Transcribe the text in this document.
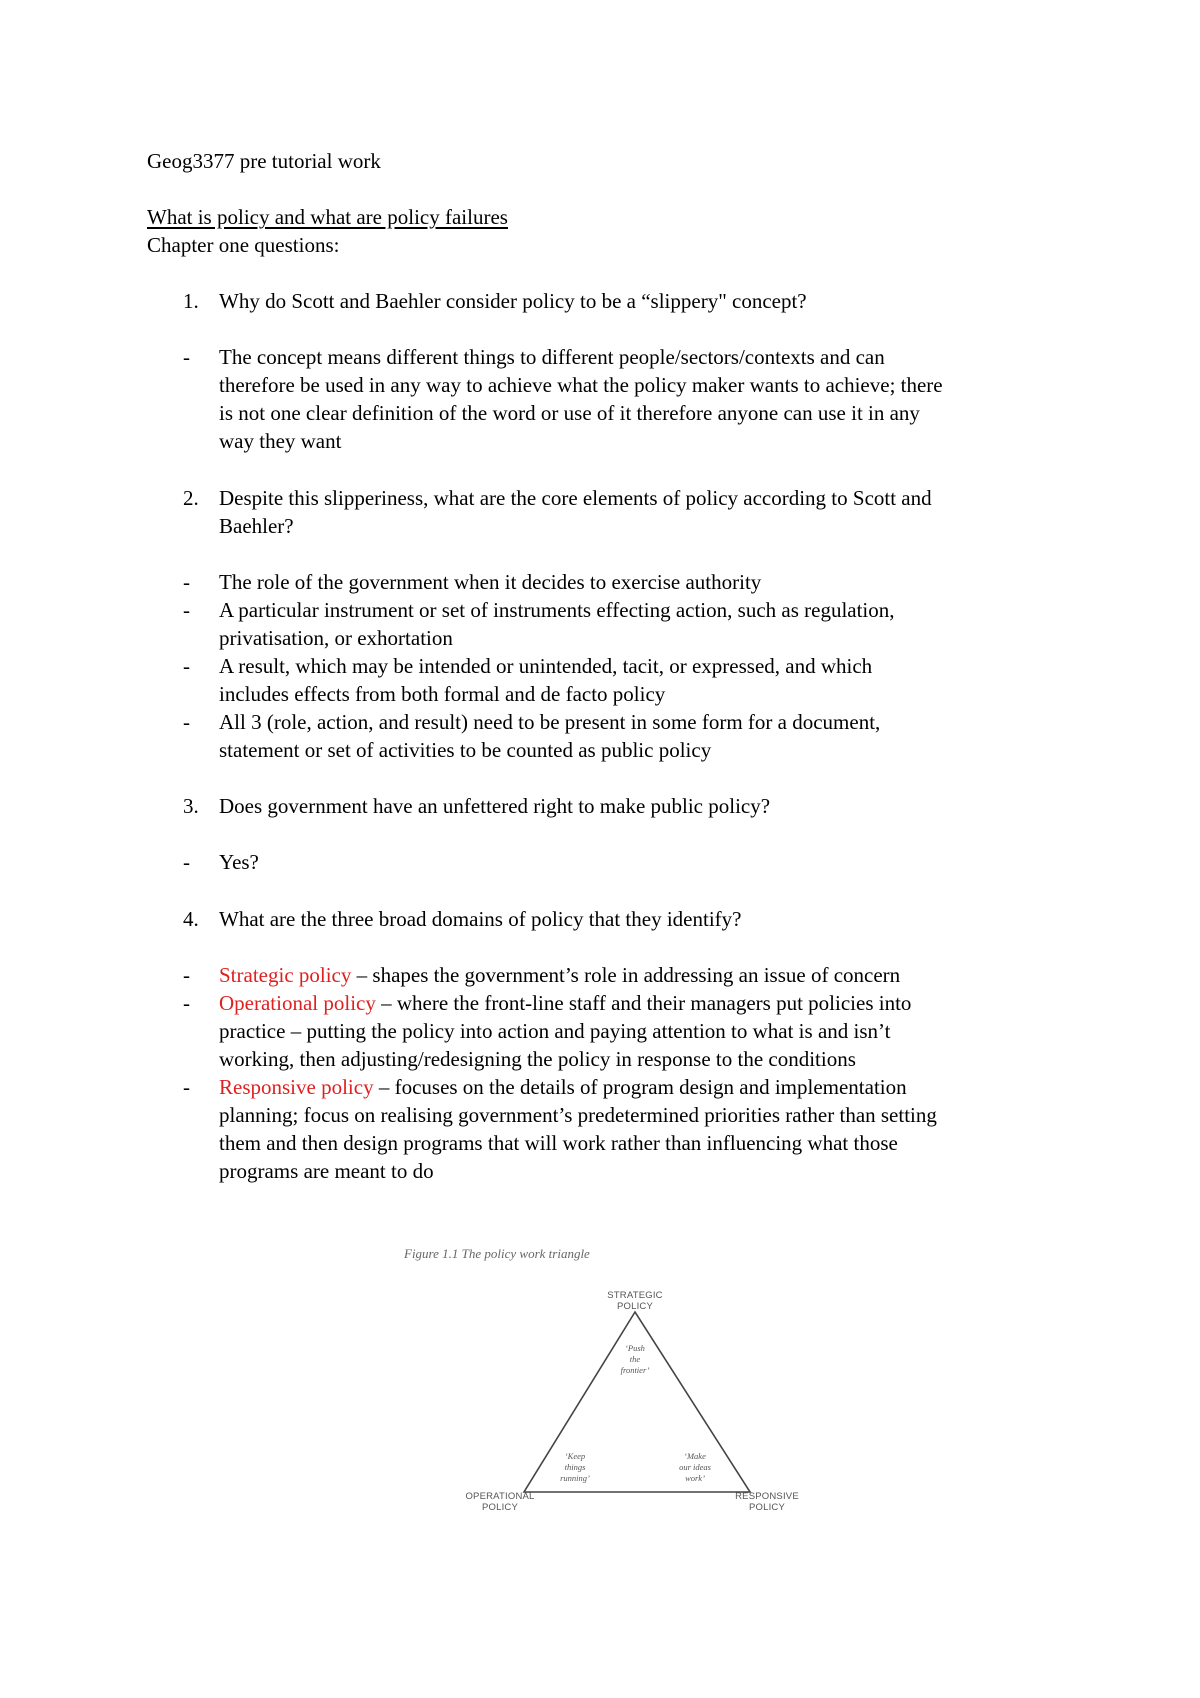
Geog3377 pre tutorial work
What is policy and what are policy failures
Chapter one questions:
1. Why do Scott and Baehler consider policy to be a “slippery" concept?
- The concept means different things to different people/sectors/contexts and can
therefore be used in any way to achieve what the policy maker wants to achieve; there
is not one clear definition of the word or use of it therefore anyone can use it in any
way they want
2. Despite this slipperiness, what are the core elements of policy according to Scott and
Baehler?
- The role of the government when it decides to exercise authority
- A particular instrument or set of instruments effecting action, such as regulation,
privatisation, or exhortation
- A result, which may be intended or unintended, tacit, or expressed, and which
includes effects from both formal and de facto policy
- All 3 (role, action, and result) need to be present in some form for a document,
statement or set of activities to be counted as public policy
3. Does government have an unfettered right to make public policy?
- Yes?
4. What are the three broad domains of policy that they identify?
- Strategic policy – shapes the government’s role in addressing an issue of concern
- Operational policy – where the front-line staff and their managers put policies into
practice – putting the policy into action and paying attention to what is and isn’t
working, then adjusting/redesigning the policy in response to the conditions
- Responsive policy – focuses on the details of program design and implementation
planning; focus on realising government’s predetermined priorities rather than setting
them and then design programs that will work rather than influencing what those
programs are meant to do
Figure 1.1 The policy work triangle
STRATEGIC
POLICY
OPERATIONAL
POLICY
RESPONSIVE
POLICY
‘Push
the
frontier’
‘Keep
things
running’
‘Make
our ideas
work’
